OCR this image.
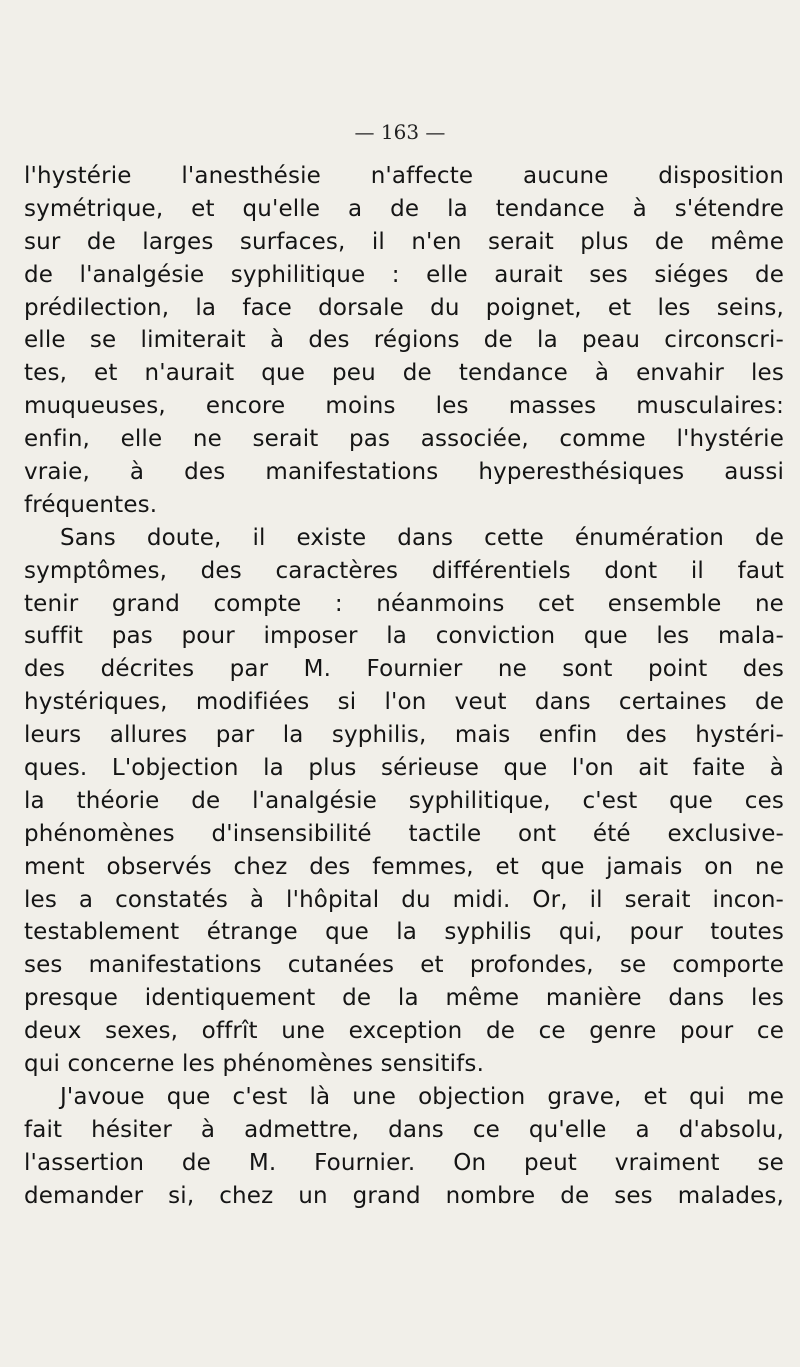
— 163 —
l'hystérie l'anesthésie n'affecte aucune disposition
symétrique, et qu'elle a de la tendance à s'étendre
sur de larges surfaces, il n'en serait plus de même
de l'analgésie syphilitique : elle aurait ses siéges de
prédilection, la face dorsale du poignet, et les seins,
elle se limiterait à des régions de la peau circonscri-
tes, et n'aurait que peu de tendance à envahir les
muqueuses, encore moins les masses musculaires:
enfin, elle ne serait pas associée, comme l'hystérie
vraie, à des manifestations hyperesthésiques aussi
fréquentes.
Sans doute, il existe dans cette énumération de
symptômes, des caractères différentiels dont il faut
tenir grand compte : néanmoins cet ensemble ne
suffit pas pour imposer la conviction que les mala-
des décrites par M. Fournier ne sont point des
hystériques, modifiées si l'on veut dans certaines de
leurs allures par la syphilis, mais enfin des hystéri-
ques. L'objection la plus sérieuse que l'on ait faite à
la théorie de l'analgésie syphilitique, c'est que ces
phénomènes d'insensibilité tactile ont été exclusive-
ment observés chez des femmes, et que jamais on ne
les a constatés à l'hôpital du midi. Or, il serait incon-
testablement étrange que la syphilis qui, pour toutes
ses manifestations cutanées et profondes, se comporte
presque identiquement de la même manière dans les
deux sexes, offrît une exception de ce genre pour ce
qui concerne les phénomènes sensitifs.
J'avoue que c'est là une objection grave, et qui me
fait hésiter à admettre, dans ce qu'elle a d'absolu,
l'assertion de M. Fournier. On peut vraiment se
demander si, chez un grand nombre de ses malades,
